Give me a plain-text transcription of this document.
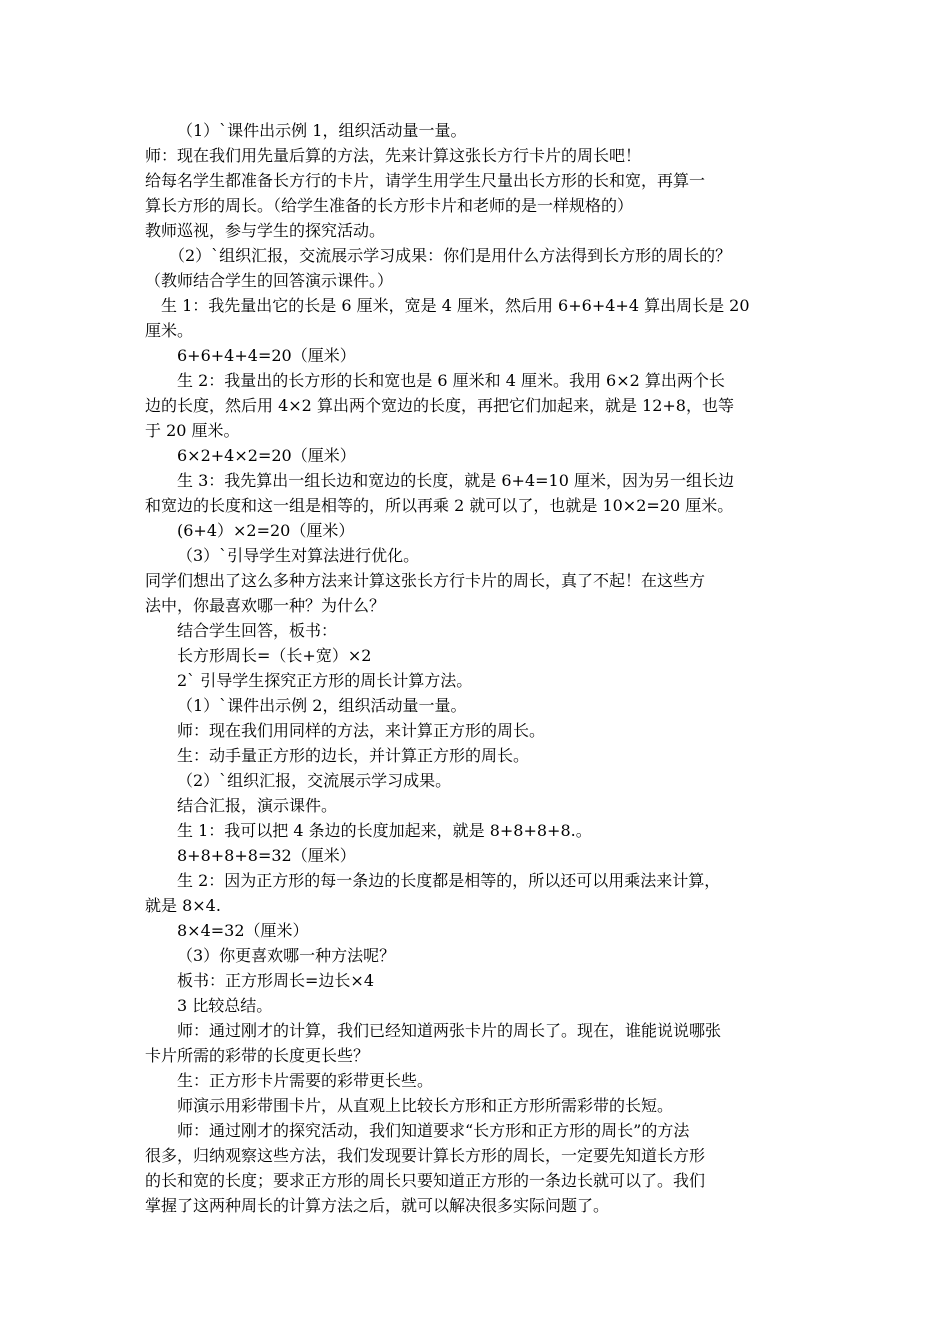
（1）`课件出示例 1，组织活动量一量。
师：现在我们用先量后算的方法，先来计算这张长方行卡片的周长吧！
给每名学生都准备长方行的卡片，请学生用学生尺量出长方形的长和宽，再算一
算长方形的周长。（给学生准备的长方形卡片和老师的是一样规格的）
教师巡视，参与学生的探究活动。
（2）`组织汇报，交流展示学习成果：你们是用什么方法得到长方形的周长的？
（教师结合学生的回答演示课件。）
生 1：我先量出它的长是 6 厘米，宽是 4 厘米，然后用 6+6+4+4 算出周长是 20
厘米。
6+6+4+4=20（厘米）
生 2：我量出的长方形的长和宽也是 6 厘米和 4 厘米。我用 6×2 算出两个长
边的长度，然后用 4×2 算出两个宽边的长度，再把它们加起来，就是 12+8，也等
于 20 厘米。
6×2+4×2=20（厘米）
生 3：我先算出一组长边和宽边的长度，就是 6+4=10 厘米，因为另一组长边
和宽边的长度和这一组是相等的，所以再乘 2 就可以了，也就是 10×2=20 厘米。
(6+4）×2=20（厘米）
（3）`引导学生对算法进行优化。
同学们想出了这么多种方法来计算这张长方行卡片的周长，真了不起！在这些方
法中，你最喜欢哪一种？为什么？
结合学生回答，板书：
长方形周长=（长+宽）×2
2` 引导学生探究正方形的周长计算方法。
（1）`课件出示例 2，组织活动量一量。
师：现在我们用同样的方法，来计算正方形的周长。
生：动手量正方形的边长，并计算正方形的周长。
（2）`组织汇报，交流展示学习成果。
结合汇报，演示课件。
生 1：我可以把 4 条边的长度加起来，就是 8+8+8+8.。
8+8+8+8=32（厘米）
生 2：因为正方形的每一条边的长度都是相等的，所以还可以用乘法来计算，
就是 8×4.
8×4=32（厘米）
（3）你更喜欢哪一种方法呢？
板书：正方形周长=边长×4
3 比较总结。
师：通过刚才的计算，我们已经知道两张卡片的周长了。现在，谁能说说哪张
卡片所需的彩带的长度更长些？
生：正方形卡片需要的彩带更长些。
师演示用彩带围卡片，从直观上比较长方形和正方形所需彩带的长短。
师：通过刚才的探究活动，我们知道要求“长方形和正方形的周长”的方法
很多，归纳观察这些方法，我们发现要计算长方形的周长，一定要先知道长方形
的长和宽的长度；要求正方形的周长只要知道正方形的一条边长就可以了。我们
掌握了这两种周长的计算方法之后，就可以解决很多实际问题了。
